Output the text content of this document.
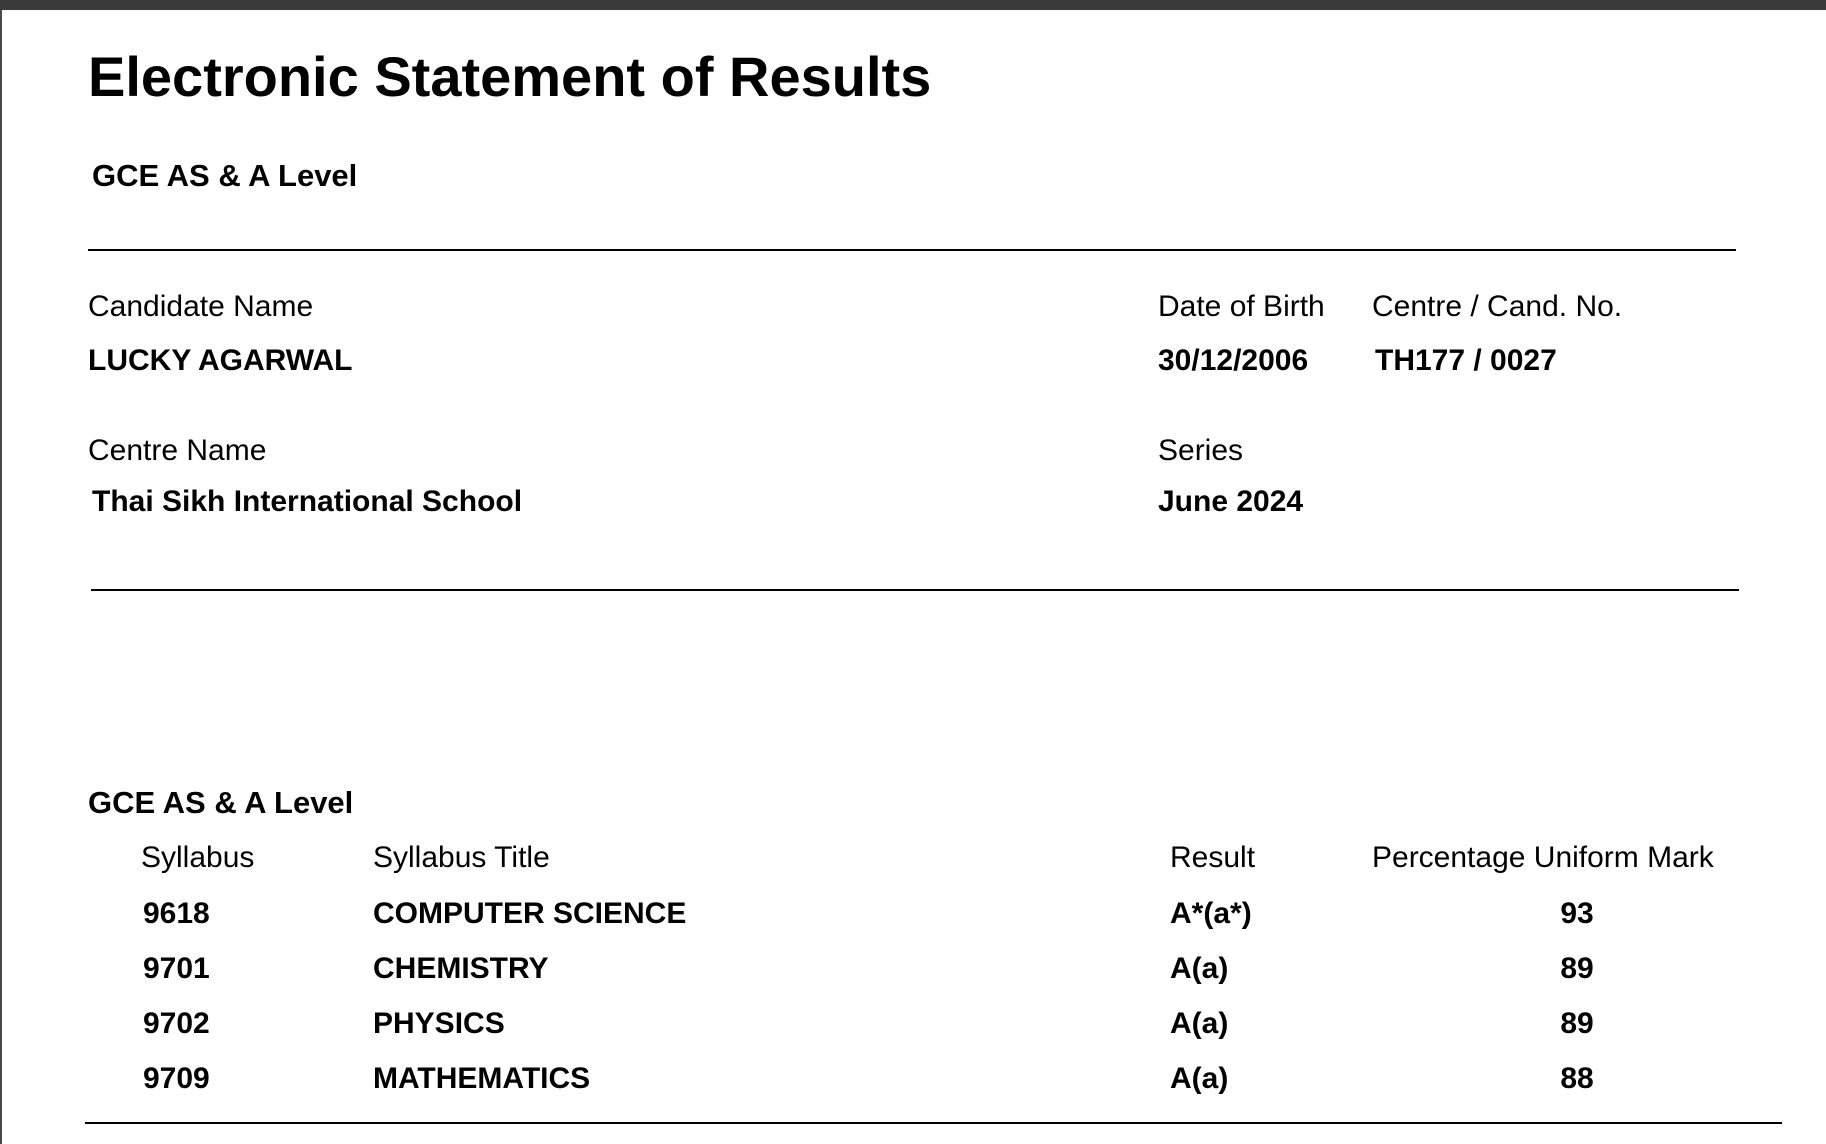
Electronic Statement of Results
GCE AS & A Level
Candidate Name
LUCKY AGARWAL
Date of Birth
30/12/2006
Centre / Cand. No.
TH177 / 0027
Centre Name
Thai Sikh International School
Series
June 2024
GCE AS & A Level
Syllabus	Syllabus Title	Result	Percentage Uniform Mark
9618	COMPUTER SCIENCE	A*(a*)	93
9701	CHEMISTRY	A(a)	89
9702	PHYSICS	A(a)	89
9709	MATHEMATICS	A(a)	88
